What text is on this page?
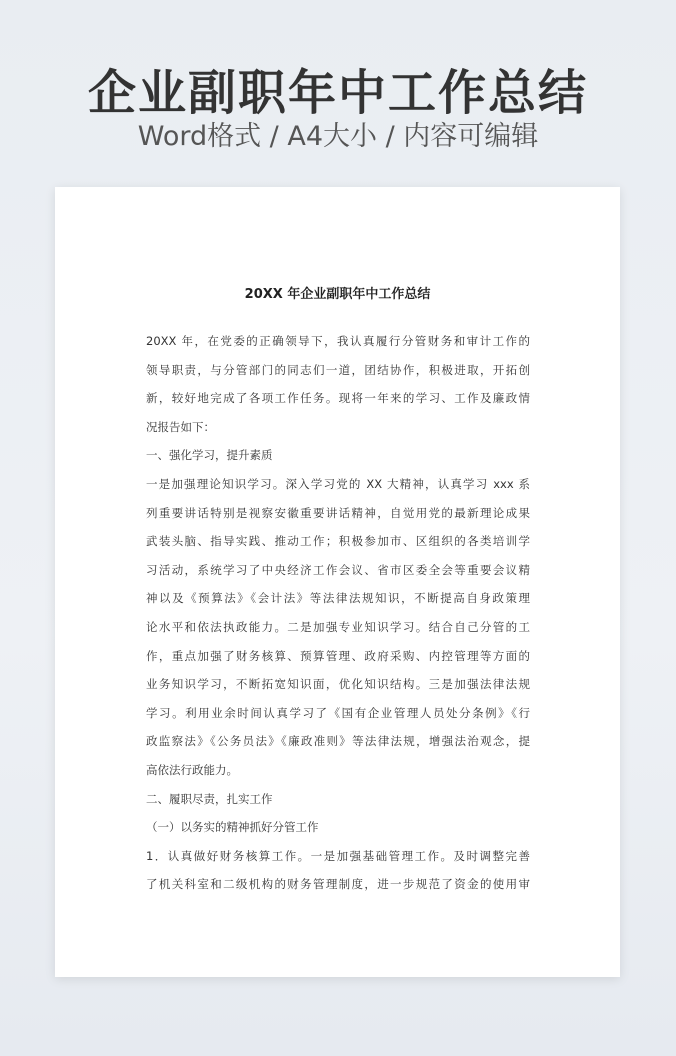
企业副职年中工作总结
Word格式 / A4大小 / 内容可编辑
20XX 年企业副职年中工作总结
20XX 年，在党委的正确领导下，我认真履行分管财务和审计工作的
领导职责，与分管部门的同志们一道，团结协作，积极进取，开拓创
新，较好地完成了各项工作任务。现将一年来的学习、工作及廉政情
况报告如下：
一、强化学习，提升素质
一是加强理论知识学习。深入学习党的 XX 大精神，认真学习 xxx 系
列重要讲话特别是视察安徽重要讲话精神，自觉用党的最新理论成果
武装头脑、指导实践、推动工作；积极参加市、区组织的各类培训学
习活动，系统学习了中央经济工作会议、省市区委全会等重要会议精
神以及《预算法》《会计法》等法律法规知识，不断提高自身政策理
论水平和依法执政能力。二是加强专业知识学习。结合自己分管的工
作，重点加强了财务核算、预算管理、政府采购、内控管理等方面的
业务知识学习，不断拓宽知识面，优化知识结构。三是加强法律法规
学习。利用业余时间认真学习了《国有企业管理人员处分条例》《行
政监察法》《公务员法》《廉政准则》等法律法规，增强法治观念，提
高依法行政能力。
二、履职尽责，扎实工作
（一）以务实的精神抓好分管工作
1．认真做好财务核算工作。一是加强基础管理工作。及时调整完善
了机关科室和二级机构的财务管理制度，进一步规范了资金的使用审
